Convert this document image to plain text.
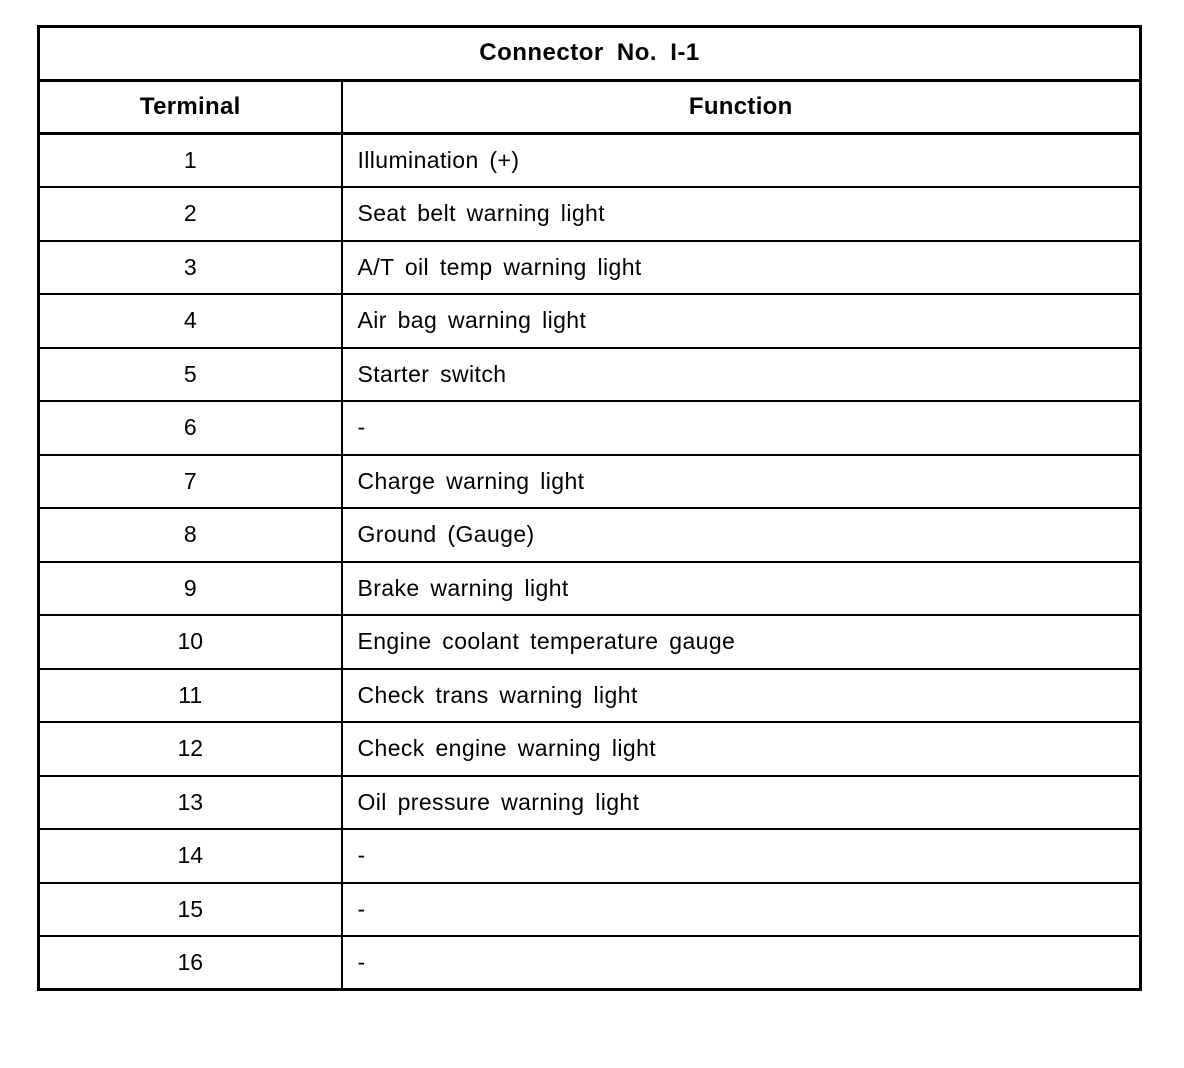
Connector No. I-1	
Terminal	Function
1	Illumination (+)
2	Seat belt warning light
3	A/T oil temp warning light
4	Air bag warning light
5	Starter switch
6	-
7	Charge warning light
8	Ground (Gauge)
9	Brake warning light
10	Engine coolant temperature gauge
11	Check trans warning light
12	Check engine warning light
13	Oil pressure warning light
14	-
15	-
16	-
